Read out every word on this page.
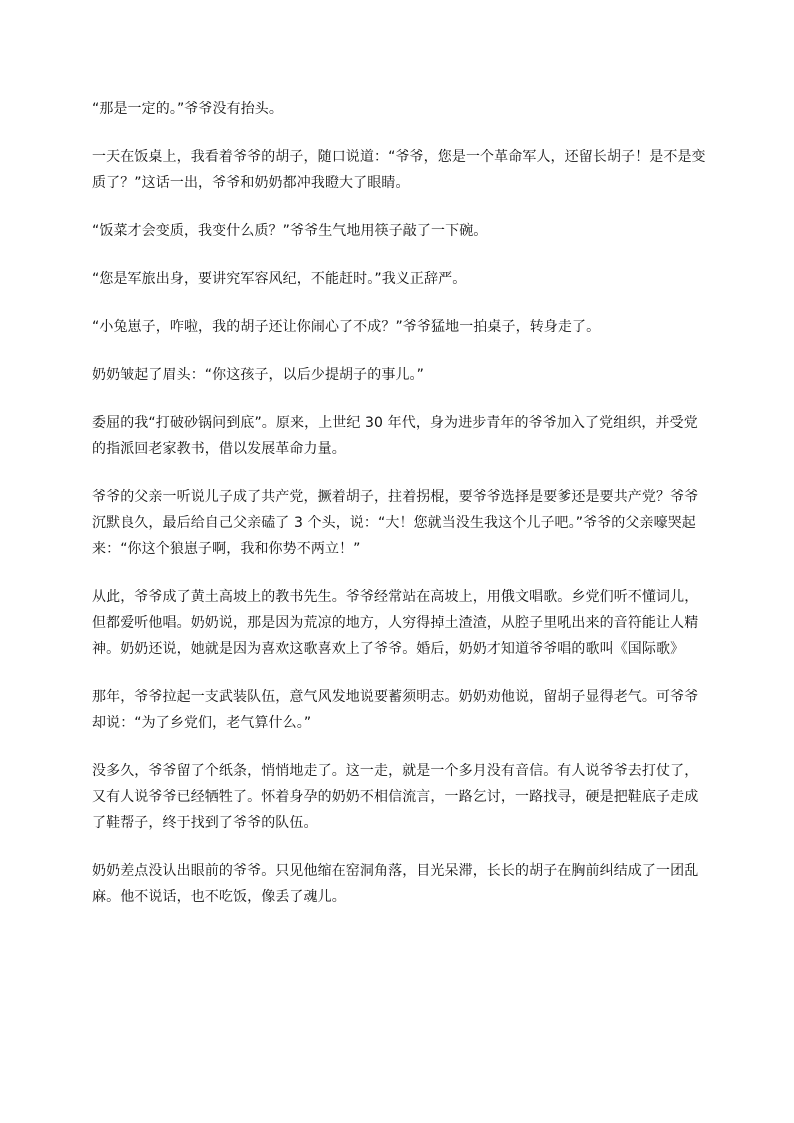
“那是一定的。”爷爷没有抬头。

一天在饭桌上，我看着爷爷的胡子，随口说道：“爷爷，您是一个革命军人，还留长胡子！是不是变质了？”这话一出，爷爷和奶奶都冲我瞪大了眼睛。

“饭菜才会变质，我变什么质？”爷爷生气地用筷子敲了一下碗。

“您是军旅出身，要讲究军容风纪，不能赶时。”我义正辞严。

“小兔崽子，咋啦，我的胡子还让你闹心了不成？”爷爷猛地一拍桌子，转身走了。

奶奶皱起了眉头：“你这孩子，以后少提胡子的事儿。”

委屈的我“打破砂锅问到底”。原来，上世纪 30 年代，身为进步青年的爷爷加入了党组织，并受党的指派回老家教书，借以发展革命力量。

爷爷的父亲一听说儿子成了共产党，撅着胡子，拄着拐棍，要爷爷选择是要爹还是要共产党？爷爷沉默良久，最后给自己父亲磕了 3 个头，说：“大！您就当没生我这个儿子吧。”爷爷的父亲嚎哭起来：“你这个狼崽子啊，我和你势不两立！”

从此，爷爷成了黄土高坡上的教书先生。爷爷经常站在高坡上，用俄文唱歌。乡党们听不懂词儿，但都爱听他唱。奶奶说，那是因为荒凉的地方，人穷得掉土渣渣，从腔子里吼出来的音符能让人精神。奶奶还说，她就是因为喜欢这歌喜欢上了爷爷。婚后，奶奶才知道爷爷唱的歌叫《国际歌》

那年，爷爷拉起一支武装队伍，意气风发地说要蓄须明志。奶奶劝他说，留胡子显得老气。可爷爷却说：“为了乡党们，老气算什么。”

没多久，爷爷留了个纸条，悄悄地走了。这一走，就是一个多月没有音信。有人说爷爷去打仗了，又有人说爷爷已经牺牲了。怀着身孕的奶奶不相信流言，一路乞讨，一路找寻，硬是把鞋底子走成了鞋帮子，终于找到了爷爷的队伍。

奶奶差点没认出眼前的爷爷。只见他缩在窑洞角落，目光呆滞，长长的胡子在胸前纠结成了一团乱麻。他不说话，也不吃饭，像丢了魂儿。
